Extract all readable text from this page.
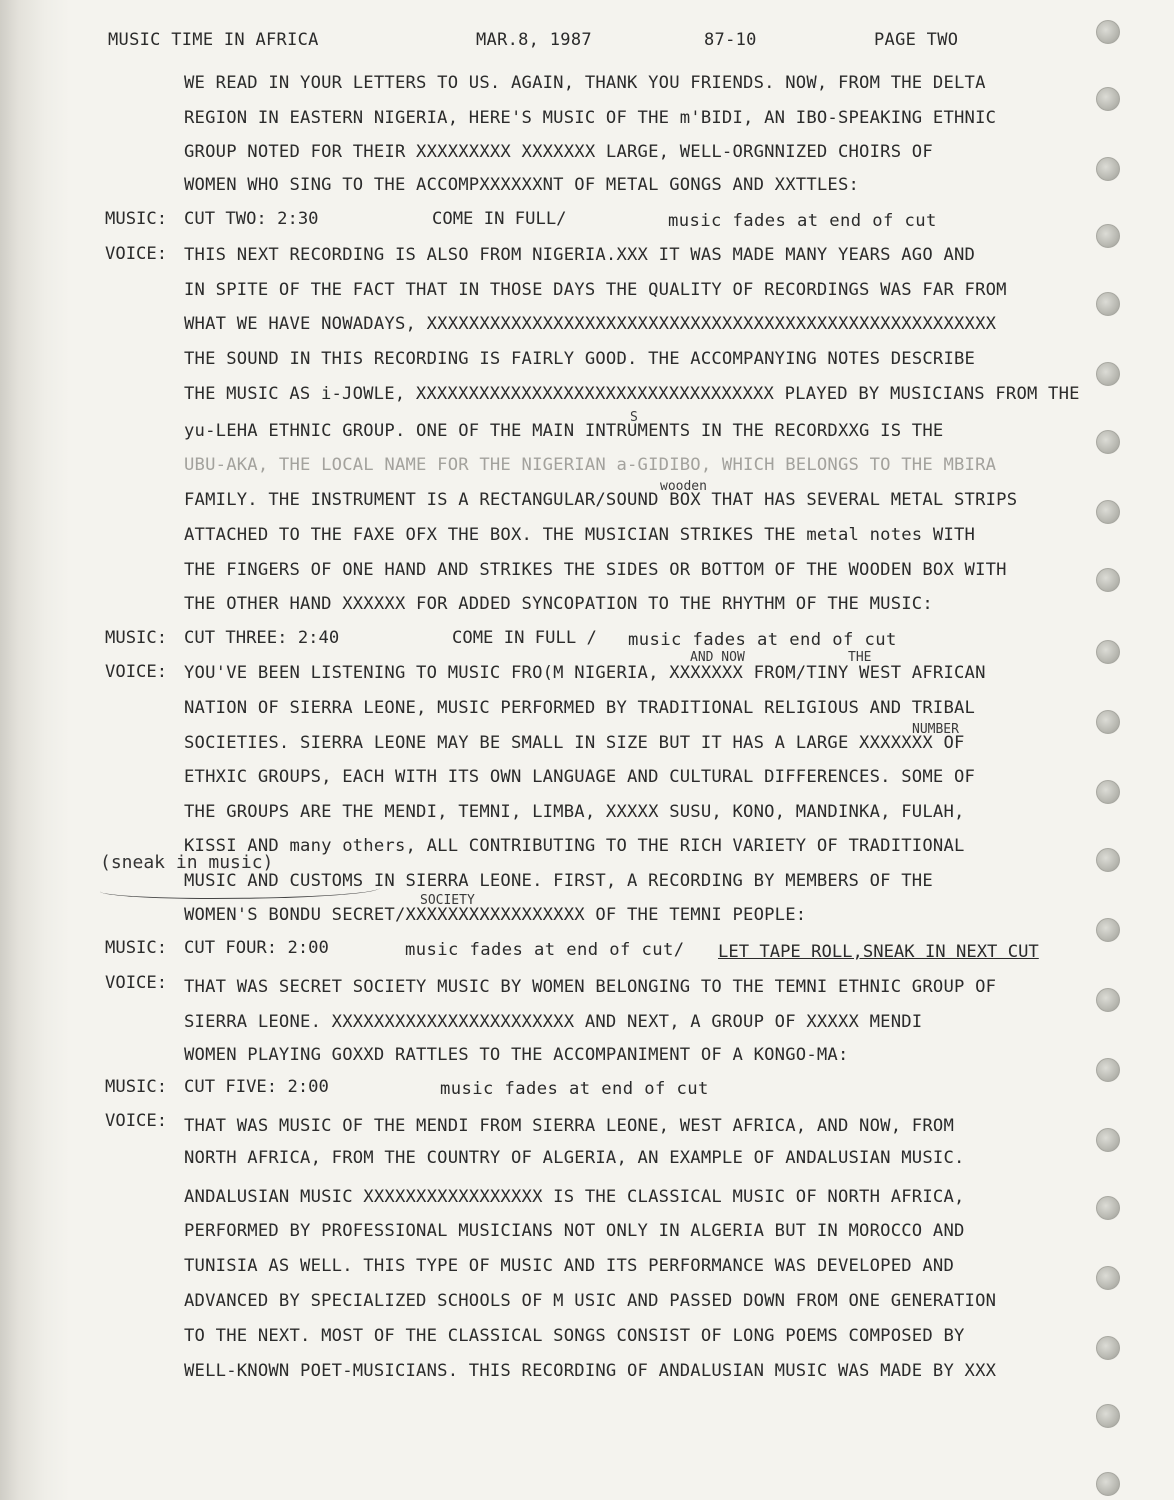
MUSIC TIME IN AFRICA	MAR.8, 1987	87-10	PAGE TWO
WE READ IN YOUR LETTERS TO US. AGAIN, THANK YOU FRIENDS. NOW, FROM THE DELTA
REGION IN EASTERN NIGERIA, HERE'S MUSIC OF THE m'BIDI, AN IBO-SPEAKING ETHNIC
GROUP NOTED FOR THEIR XXXXXXXXX XXXXXXX LARGE, WELL-ORGNNIZED CHOIRS OF
WOMEN WHO SING TO THE ACCOMPXXXXXXNT OF METAL GONGS AND XXTTLES:
MUSIC: CUT TWO: 2:30	COME IN FULL/	music fades at end of cut
VOICE: THIS NEXT RECORDING IS ALSO FROM NIGERIA.XXX IT WAS MADE MANY YEARS AGO AND
IN SPITE OF THE FACT THAT IN THOSE DAYS THE QUALITY OF RECORDINGS WAS FAR FROM
WHAT WE HAVE NOWADAYS, XXXXXXXXXXXXXXXXXXXXXXXXXXXXXXXXXXXXXXXXXXXXXXXXXXXXXX
THE SOUND IN THIS RECORDING IS FAIRLY GOOD. THE ACCOMPANYING NOTES DESCRIBE
THE MUSIC AS i-JOWLE, XXXXXXXXXXXXXXXXXXXXXXXXXXXXXXXXXX PLAYED BY MUSICIANS FROM THE
S
yu-LEHA ETHNIC GROUP. ONE OF THE MAIN INTRUMENTS IN THE RECORDXXG IS THE
UBU-AKA, THE LOCAL NAME FOR THE NIGERIAN a-GIDIBO, WHICH BELONGS TO THE MBIRA
wooden
FAMILY. THE INSTRUMENT IS A RECTANGULAR/SOUND BOX THAT HAS SEVERAL METAL STRIPS
ATTACHED TO THE FAXE OFX THE BOX. THE MUSICIAN STRIKES THE metal notes WITH
THE FINGERS OF ONE HAND AND STRIKES THE SIDES OR BOTTOM OF THE WOODEN BOX WITH
THE OTHER HAND XXXXXX FOR ADDED SYNCOPATION TO THE RHYTHM OF THE MUSIC:
MUSIC: CUT THREE: 2:40	COME IN FULL / music fades at end of cut
VOICE:
AND NOW	THE
YOU'VE BEEN LISTENING TO MUSIC FRO(M NIGERIA, XXXXXXX FROM/TINY WEST AFRICAN
NATION OF SIERRA LEONE, MUSIC PERFORMED BY TRADITIONAL RELIGIOUS AND TRIBAL
NUMBER
SOCIETIES. SIERRA LEONE MAY BE SMALL IN SIZE BUT IT HAS A LARGE XXXXXXX OF
ETHXIC GROUPS, EACH WITH ITS OWN LANGUAGE AND CULTURAL DIFFERENCES. SOME OF
THE GROUPS ARE THE MENDI, TEMNI, LIMBA, XXXXX SUSU, KONO, MANDINKA, FULAH,
KISSI AND many others, ALL CONTRIBUTING TO THE RICH VARIETY OF TRADITIONAL
(sneak in music)
MUSIC AND CUSTOMS IN SIERRA LEONE. FIRST, A RECORDING BY MEMBERS OF THE
SOCIETY
WOMEN'S BONDU SECRET/XXXXXXXXXXXXXXXXX OF THE TEMNI PEOPLE:
MUSIC: CUT FOUR: 2:00	music fades at end of cut/ LET TAPE ROLL,SNEAK IN NEXT CUT
VOICE: THAT WAS SECRET SOCIETY MUSIC BY WOMEN BELONGING TO THE TEMNI ETHNIC GROUP OF
SIERRA LEONE. XXXXXXXXXXXXXXXXXXXXXXX AND NEXT, A GROUP OF XXXXX MENDI
WOMEN PLAYING GOXXD RATTLES TO THE ACCOMPANIMENT OF A KONGO-MA:
MUSIC: CUT FIVE: 2:00	music fades at end of cut
VOICE: THAT WAS MUSIC OF THE MENDI FROM SIERRA LEONE, WEST AFRICA, AND NOW, FROM
NORTH AFRICA, FROM THE COUNTRY OF ALGERIA, AN EXAMPLE OF ANDALUSIAN MUSIC.
ANDALUSIAN MUSIC XXXXXXXXXXXXXXXXX IS THE CLASSICAL MUSIC OF NORTH AFRICA,
PERFORMED BY PROFESSIONAL MUSICIANS NOT ONLY IN ALGERIA BUT IN MOROCCO AND
TUNISIA AS WELL. THIS TYPE OF MUSIC AND ITS PERFORMANCE WAS DEVELOPED AND
ADVANCED BY SPECIALIZED SCHOOLS OF M USIC AND PASSED DOWN FROM ONE GENERATION
TO THE NEXT. MOST OF THE CLASSICAL SONGS CONSIST OF LONG POEMS COMPOSED BY
WELL-KNOWN POET-MUSICIANS. THIS RECORDING OF ANDALUSIAN MUSIC WAS MADE BY XXX
